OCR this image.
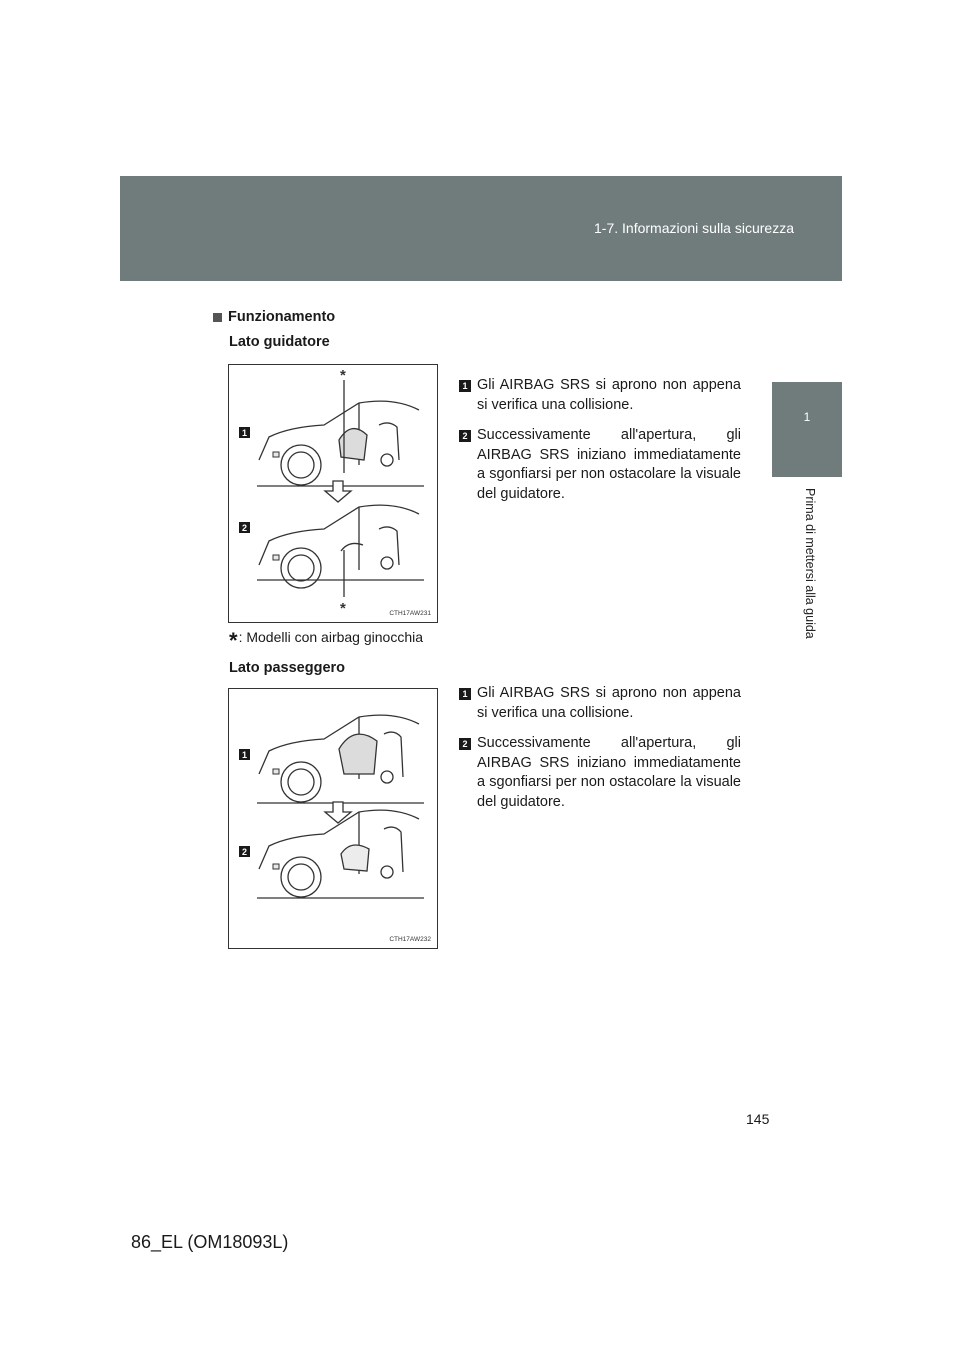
1-7. Informazioni sulla sicurezza
1
Prima di mettersi alla guida
Funzionamento
Lato guidatore
1
2
*
*	CTH17AW231
1 Gli AIRBAG SRS si aprono non appena si verifica una collisione.
2 Successivamente all'apertura, gli AIRBAG SRS iniziano immediatamente a sgonfiarsi per non ostacolare la visuale del guidatore.
*: Modelli con airbag ginocchia
Lato passeggero
1
2
CTH17AW232
1 Gli AIRBAG SRS si aprono non appena si verifica una collisione.
2 Successivamente all'apertura, gli AIRBAG SRS iniziano immediatamente a sgonfiarsi per non ostacolare la visuale del guidatore.
145
86_EL (OM18093L)
